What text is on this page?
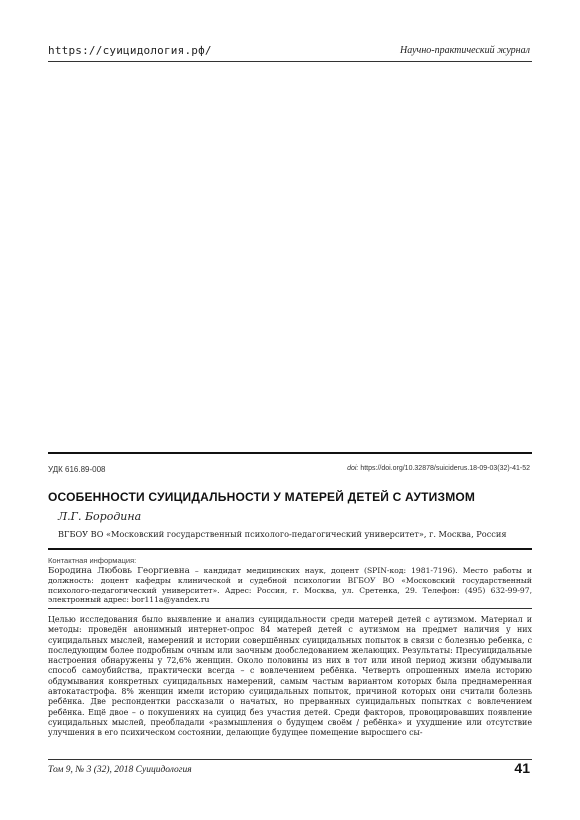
https://суицидология.рф/	Научно-практический журнал
УДК 616.89-008	doi: https://doi.org/10.32878/suiciderus.18-09-03(32)-41-52
ОСОБЕННОСТИ СУИЦИДАЛЬНОСТИ У МАТЕРЕЙ ДЕТЕЙ С АУТИЗМОМ
Л.Г. Бородина
ВГБОУ ВО «Московский государственный психолого-педагогический университет», г. Москва, Россия
Контактная информация:
Бородина Любовь Георгиевна – кандидат медицинских наук, доцент (SPIN-код: 1981-7196). Место работы и должность: доцент кафедры клинической и судебной психологии ВГБОУ ВО «Московский государственный психолого-педагогический университет». Адрес: Россия, г. Москва, ул. Сретенка, 29. Телефон: (495) 632-99-97, электронный адрес: bor111a@yandex.ru
Целью исследования было выявление и анализ суицидальности среди матерей детей с аутизмом. Материал и методы: проведён анонимный интернет-опрос 84 матерей детей с аутизмом на предмет наличия у них суицидальных мыслей, намерений и истории совершённых суицидальных попыток в связи с болезнью ребенка, с последующим более подробным очным или заочным дообследованием желающих. Результаты: Пресуицидальные настроения обнаружены у 72,6% женщин. Около половины из них в тот или иной период жизни обдумывали способ самоубийства, практически всегда – с вовлечением ребёнка. Четверть опрошенных имела историю обдумывания конкретных суицидальных намерений, самым частым вариантом которых была преднамеренная автокатастрофа. 8% женщин имели историю суицидальных попыток, причиной которых они считали болезнь ребёнка. Две респондентки рассказали о начатых, но прерванных суицидальных попытках с вовлечением ребёнка. Ещё двое – о покушениях на суицид без участия детей. Среди факторов, провоцировавших появление суицидальных мыслей, преобладали «размышления о будущем своём / ребёнка» и ухудшение или отсутствие улучшения в его психическом состоянии, делающие будущее помещение выросшего сы-
Том 9, № 3 (32), 2018 Суицидология	41
